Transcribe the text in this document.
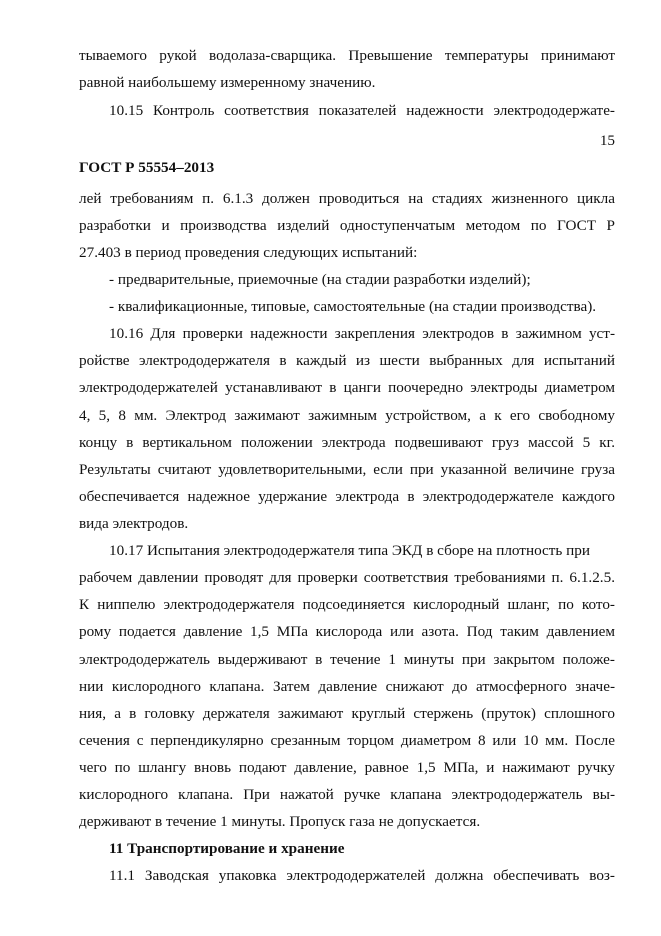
тываемого рукой водолаза-сварщика. Превышение температуры принимают
равной наибольшему измеренному значению.
10.15 Контроль соответствия показателей надежности электрододержате-
15
ГОСТ Р 55554–2013
лей требованиям п. 6.1.3 должен проводиться на стадиях жизненного цикла
разработки и производства изделий одноступенчатым методом по ГОСТ Р
27.403 в период проведения следующих испытаний:
- предварительные, приемочные (на стадии разработки изделий);
- квалификационные, типовые, самостоятельные (на стадии производства).
10.16 Для проверки надежности закрепления электродов в зажимном уст-
ройстве электрододержателя в каждый из шести выбранных для испытаний
электрододержателей устанавливают в цанги поочередно электроды диаметром
4, 5, 8 мм. Электрод зажимают зажимным устройством, а к его свободному
концу в вертикальном положении электрода подвешивают груз массой 5 кг.
Результаты считают удовлетворительными, если при указанной величине груза
обеспечивается надежное удержание электрода в электрододержателе каждого
вида электродов.
10.17 Испытания электрододержателя типа ЭКД в сборе на плотность при
рабочем давлении проводят для проверки соответствия требованиями п. 6.1.2.5.
К ниппелю электрододержателя подсоединяется кислородный шланг, по кото-
рому подается давление 1,5 МПа кислорода или азота. Под таким давлением
электрододержатель выдерживают в течение 1 минуты при закрытом положе-
нии кислородного клапана. Затем давление снижают до атмосферного значе-
ния, а в головку держателя зажимают круглый стержень (пруток) сплошного
сечения с перпендикулярно срезанным торцом диаметром 8 или 10 мм. После
чего по шлангу вновь подают давление, равное 1,5 МПа, и нажимают ручку
кислородного клапана. При нажатой ручке клапана электрододержатель вы-
держивают в течение 1 минуты. Пропуск газа не допускается.
11 Транспортирование и хранение
11.1 Заводская упаковка электрододержателей должна обеспечивать воз-
